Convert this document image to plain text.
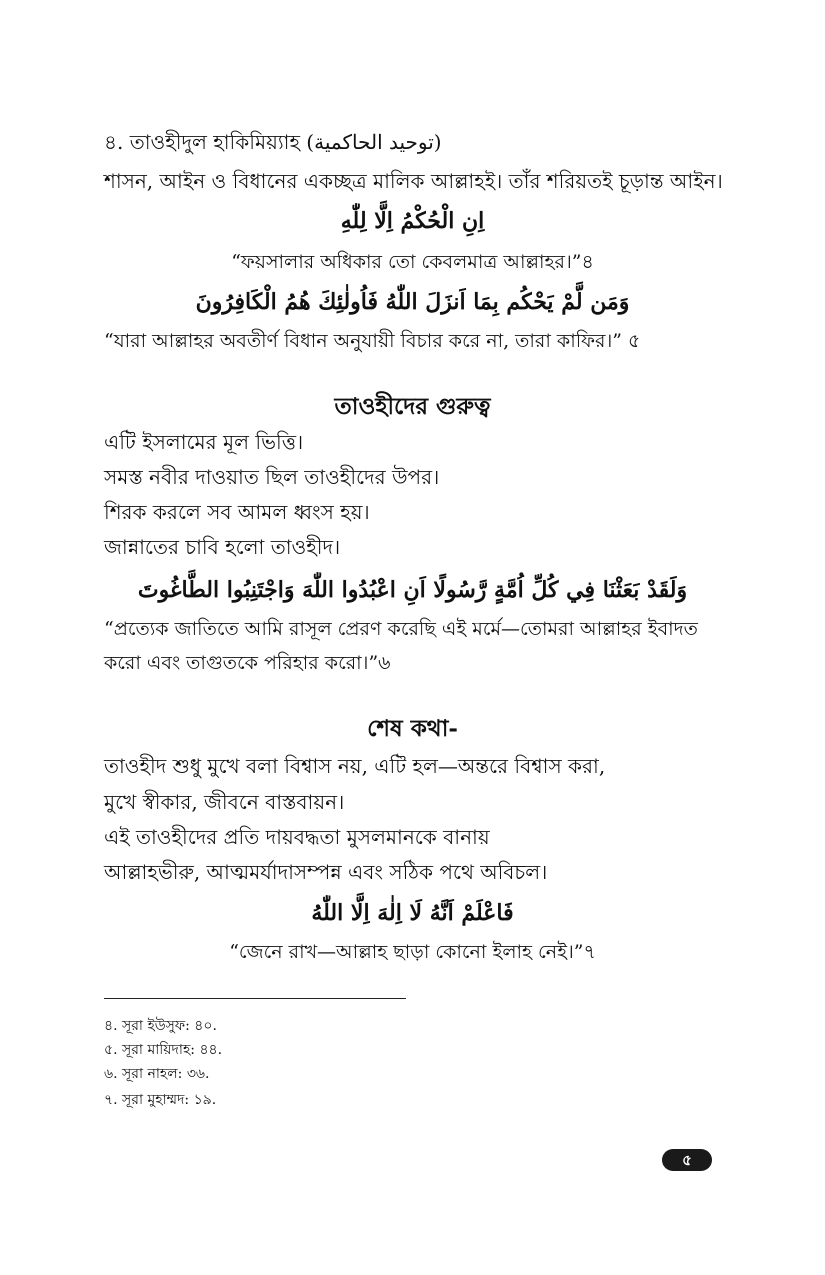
৪. তাওহীদুল হাকিমিয়্যাহ (توحيد الحاكمية)
শাসন, আইন ও বিধানের একচ্ছত্র মালিক আল্লাহই। তাঁর শরিয়তই চূড়ান্ত আইন।
اِنِ الْحُكْمُ اِلَّا لِلّٰهِ
“ফয়সালার অধিকার তো কেবলমাত্র আল্লাহর।”৪
وَمَن لَّمْ يَحْكُم بِمَا اَنزَلَ اللّٰهُ فَاُولٰئِكَ هُمُ الْكَافِرُونَ
“যারা আল্লাহর অবতীর্ণ বিধান অনুযায়ী বিচার করে না, তারা কাফির।” ৫
তাওহীদের গুরুত্ব
এটি ইসলামের মূল ভিত্তি।
সমস্ত নবীর দাওয়াত ছিল তাওহীদের উপর।
শিরক করলে সব আমল ধ্বংস হয়।
জান্নাতের চাবি হলো তাওহীদ।
وَلَقَدْ بَعَثْنَا فِي كُلِّ اُمَّةٍ رَّسُولًا اَنِ اعْبُدُوا اللّٰهَ وَاجْتَنِبُوا الطَّاغُوتَ
“প্রত্যেক জাতিতে আমি রাসূল প্রেরণ করেছি এই মর্মে—তোমরা আল্লাহর ইবাদত
করো এবং তাগুতকে পরিহার করো।”৬
শেষ কথা-
তাওহীদ শুধু মুখে বলা বিশ্বাস নয়, এটি হল—অন্তরে বিশ্বাস করা,
মুখে স্বীকার, জীবনে বাস্তবায়ন।
এই তাওহীদের প্রতি দায়বদ্ধতা মুসলমানকে বানায়
আল্লাহভীরু, আত্মমর্যাদাসম্পন্ন এবং সঠিক পথে অবিচল।
فَاعْلَمْ اَنَّهُ لَا اِلٰهَ اِلَّا اللّٰهُ
“জেনে রাখ—আল্লাহ ছাড়া কোনো ইলাহ নেই।”৭
৪. সূরা ইউসুফ: ৪০.
৫. সূরা মায়িদাহ: ৪৪.
৬. সূরা নাহল: ৩৬.
৭. সূরা মুহাম্মদ: ১৯.
৫
